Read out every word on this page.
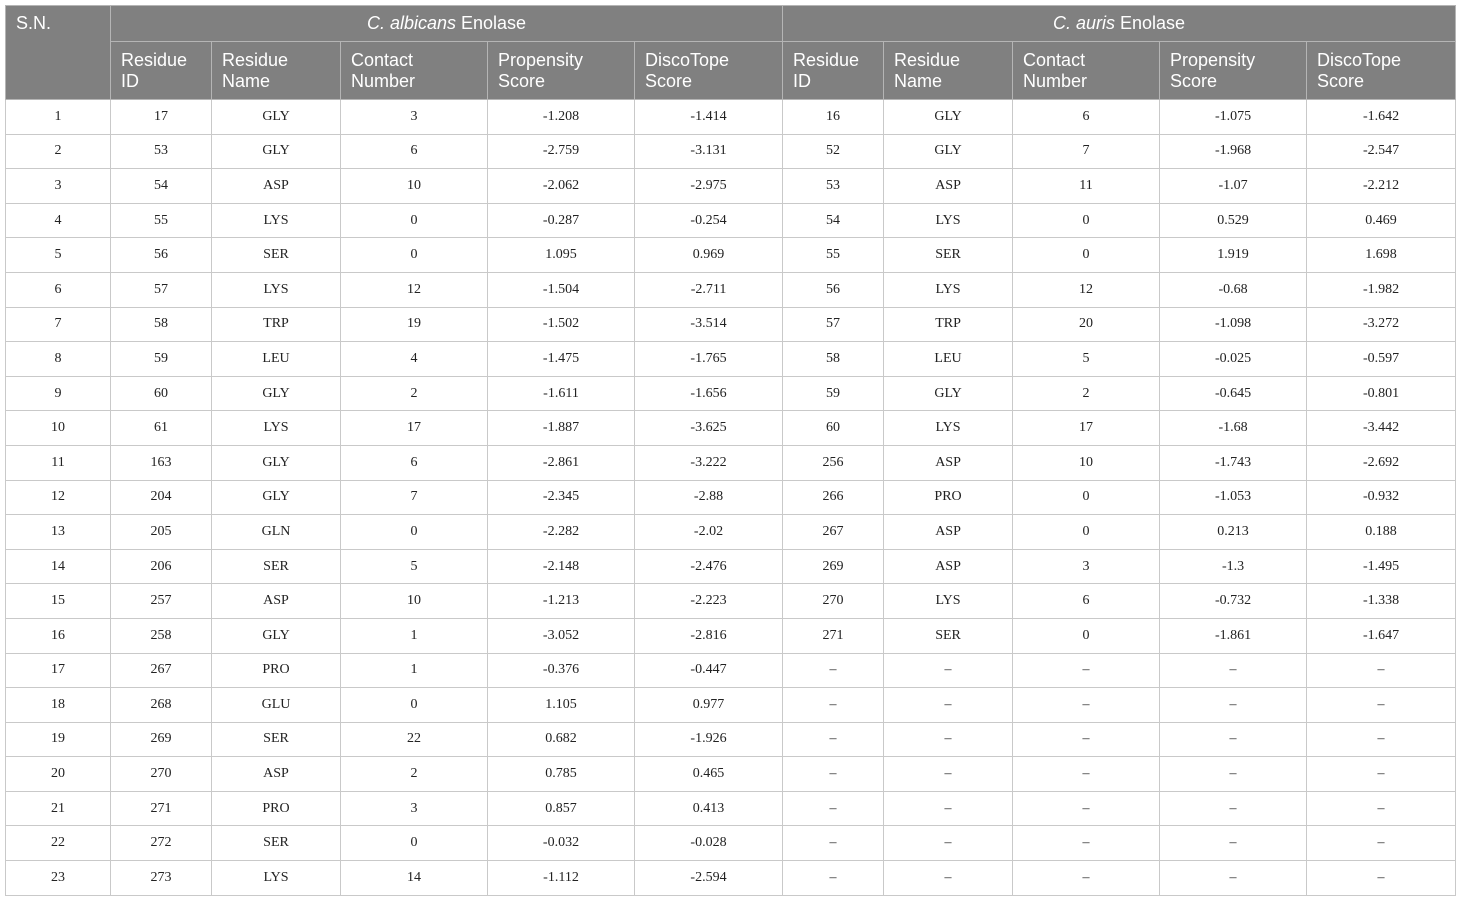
S.N.	C. albicans Enolase					C. auris Enolase				
	Residue ID	Residue Name	Contact Number	Propensity Score	DiscoTope Score	Residue ID	Residue Name	Contact Number	Propensity Score	DiscoTope Score
1	17	GLY	3	-1.208	-1.414	16	GLY	6	-1.075	-1.642
2	53	GLY	6	-2.759	-3.131	52	GLY	7	-1.968	-2.547
3	54	ASP	10	-2.062	-2.975	53	ASP	11	-1.07	-2.212
4	55	LYS	0	-0.287	-0.254	54	LYS	0	0.529	0.469
5	56	SER	0	1.095	0.969	55	SER	0	1.919	1.698
6	57	LYS	12	-1.504	-2.711	56	LYS	12	-0.68	-1.982
7	58	TRP	19	-1.502	-3.514	57	TRP	20	-1.098	-3.272
8	59	LEU	4	-1.475	-1.765	58	LEU	5	-0.025	-0.597
9	60	GLY	2	-1.611	-1.656	59	GLY	2	-0.645	-0.801
10	61	LYS	17	-1.887	-3.625	60	LYS	17	-1.68	-3.442
11	163	GLY	6	-2.861	-3.222	256	ASP	10	-1.743	-2.692
12	204	GLY	7	-2.345	-2.88	266	PRO	0	-1.053	-0.932
13	205	GLN	0	-2.282	-2.02	267	ASP	0	0.213	0.188
14	206	SER	5	-2.148	-2.476	269	ASP	3	-1.3	-1.495
15	257	ASP	10	-1.213	-2.223	270	LYS	6	-0.732	-1.338
16	258	GLY	1	-3.052	-2.816	271	SER	0	-1.861	-1.647
17	267	PRO	1	-0.376	-0.447	–	–	–	–	–
18	268	GLU	0	1.105	0.977	–	–	–	–	–
19	269	SER	22	0.682	-1.926	–	–	–	–	–
20	270	ASP	2	0.785	0.465	–	–	–	–	–
21	271	PRO	3	0.857	0.413	–	–	–	–	–
22	272	SER	0	-0.032	-0.028	–	–	–	–	–
23	273	LYS	14	-1.112	-2.594	–	–	–	–	–
